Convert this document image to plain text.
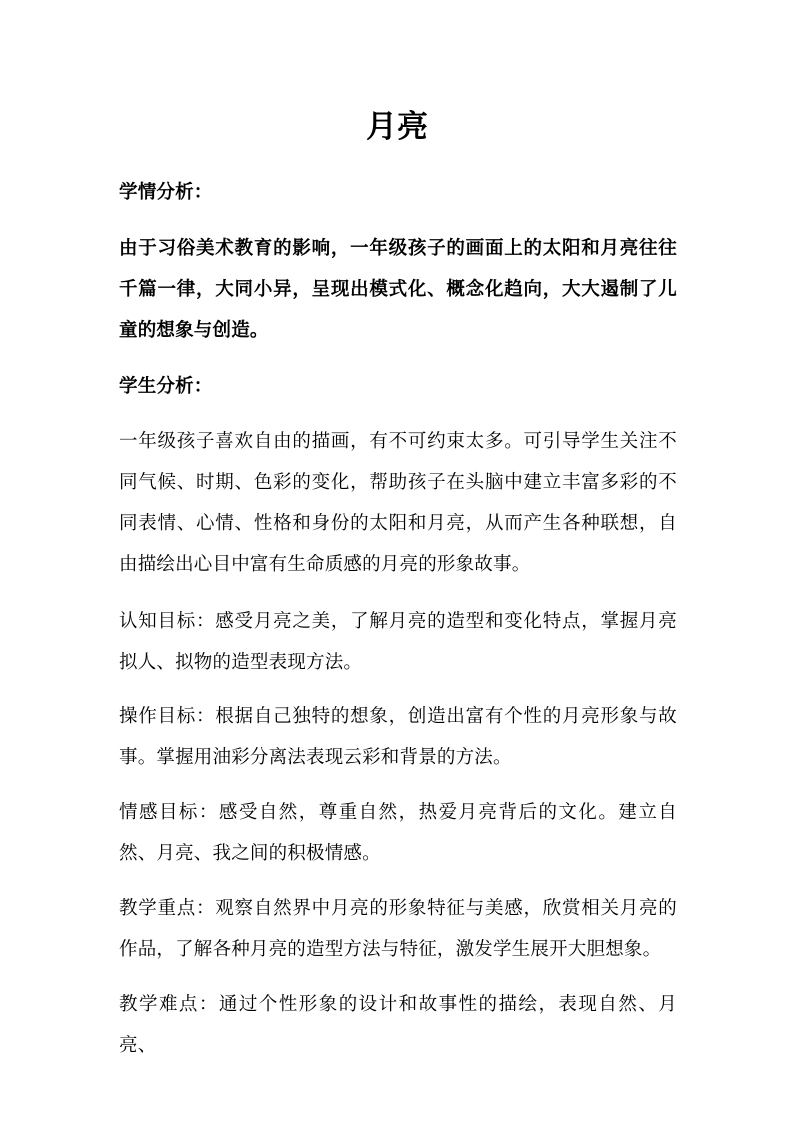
月亮

学情分析：

由于习俗美术教育的影响，一年级孩子的画面上的太阳和月亮往往千篇一律，大同小异，呈现出模式化、概念化趋向，大大遏制了儿童的想象与创造。

学生分析：

一年级孩子喜欢自由的描画，有不可约束太多。可引导学生关注不同气候、时期、色彩的变化，帮助孩子在头脑中建立丰富多彩的不同表情、心情、性格和身份的太阳和月亮，从而产生各种联想，自由描绘出心目中富有生命质感的月亮的形象故事。

认知目标：感受月亮之美，了解月亮的造型和变化特点，掌握月亮拟人、拟物的造型表现方法。

操作目标：根据自己独特的想象，创造出富有个性的月亮形象与故事。掌握用油彩分离法表现云彩和背景的方法。

情感目标：感受自然，尊重自然，热爱月亮背后的文化。建立自然、月亮、我之间的积极情感。

教学重点：观察自然界中月亮的形象特征与美感，欣赏相关月亮的作品，了解各种月亮的造型方法与特征，激发学生展开大胆想象。

教学难点：通过个性形象的设计和故事性的描绘，表现自然、月亮、
